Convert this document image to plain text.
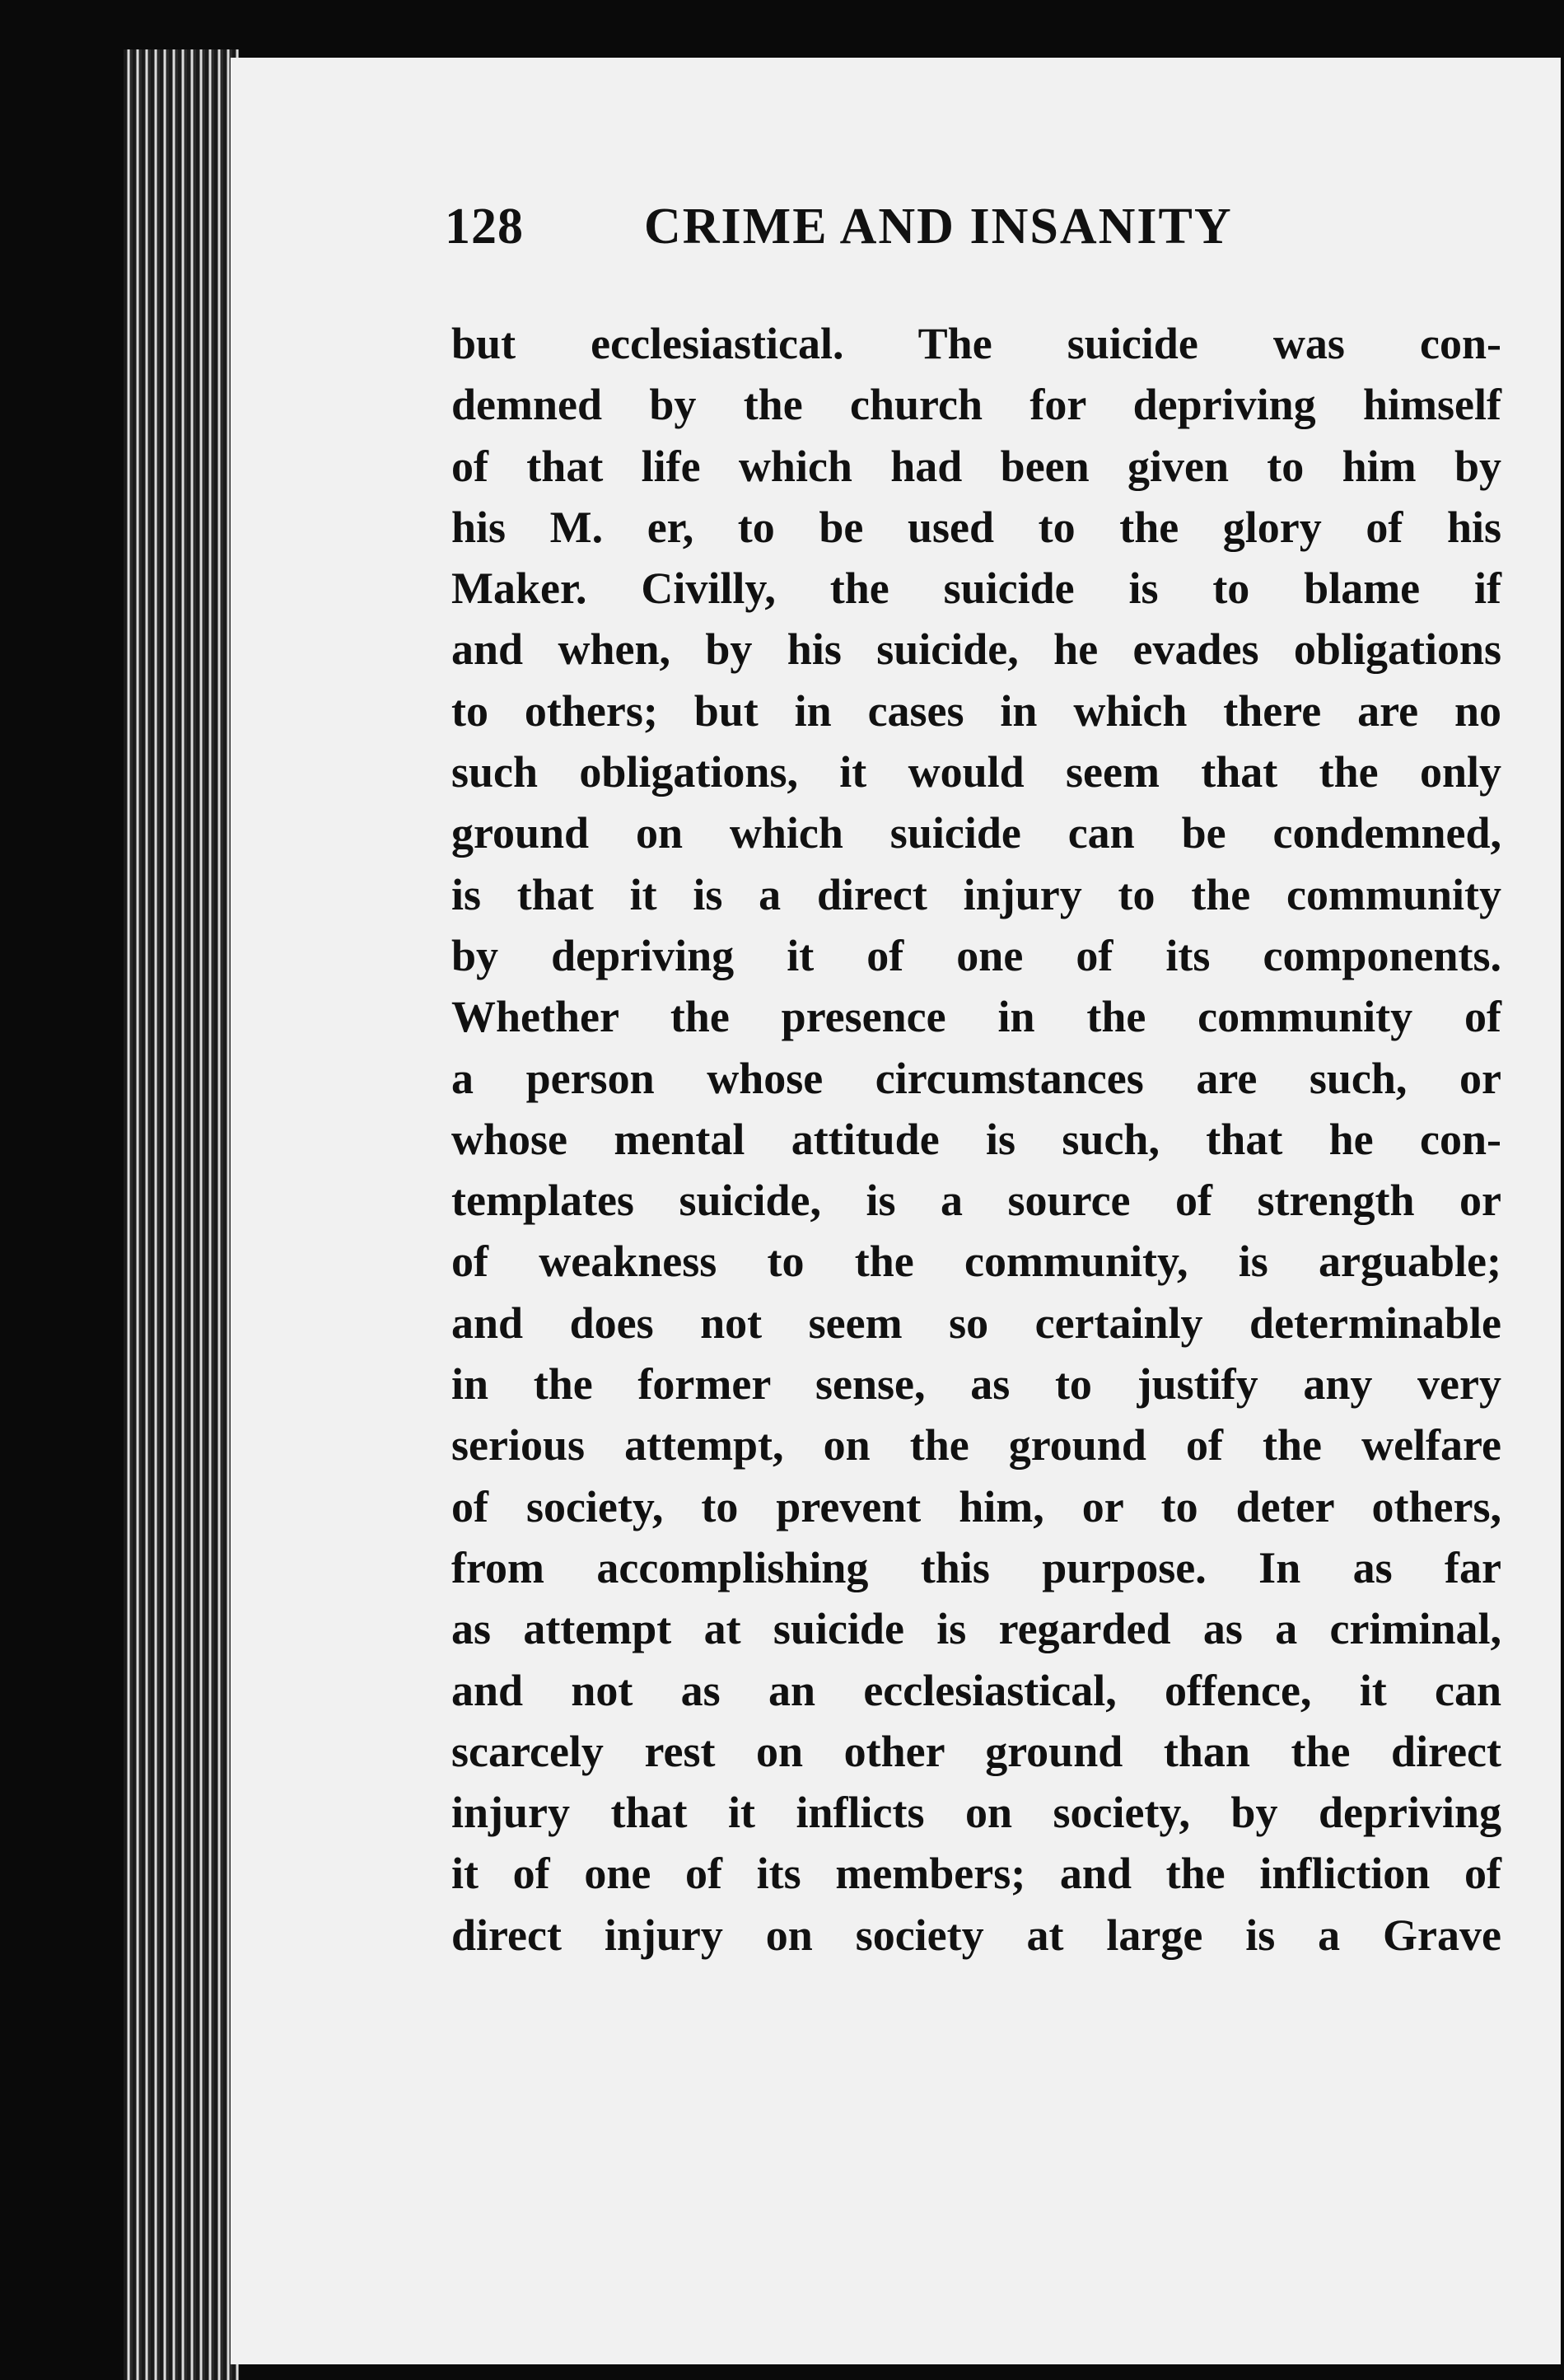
128 CRIME AND INSANITY
but ecclesiastical. The suicide was con-
demned by the church for depriving himself
of that life which had been given to him by
his M. er, to be used to the glory of his
Maker. Civilly, the suicide is to blame if
and when, by his suicide, he evades obligations
to others; but in cases in which there are no
such obligations, it would seem that the only
ground on which suicide can be condemned,
is that it is a direct injury to the community
by depriving it of one of its components.
Whether the presence in the community of
a person whose circumstances are such, or
whose mental attitude is such, that he con-
templates suicide, is a source of strength or
of weakness to the community, is arguable;
and does not seem so certainly determinable
in the former sense, as to justify any very
serious attempt, on the ground of the welfare
of society, to prevent him, or to deter others,
from accomplishing this purpose. In as far
as attempt at suicide is regarded as a criminal,
and not as an ecclesiastical, offence, it can
scarcely rest on other ground than the direct
injury that it inflicts on society, by depriving
it of one of its members; and the infliction of
direct injury on society at large is a Grave
